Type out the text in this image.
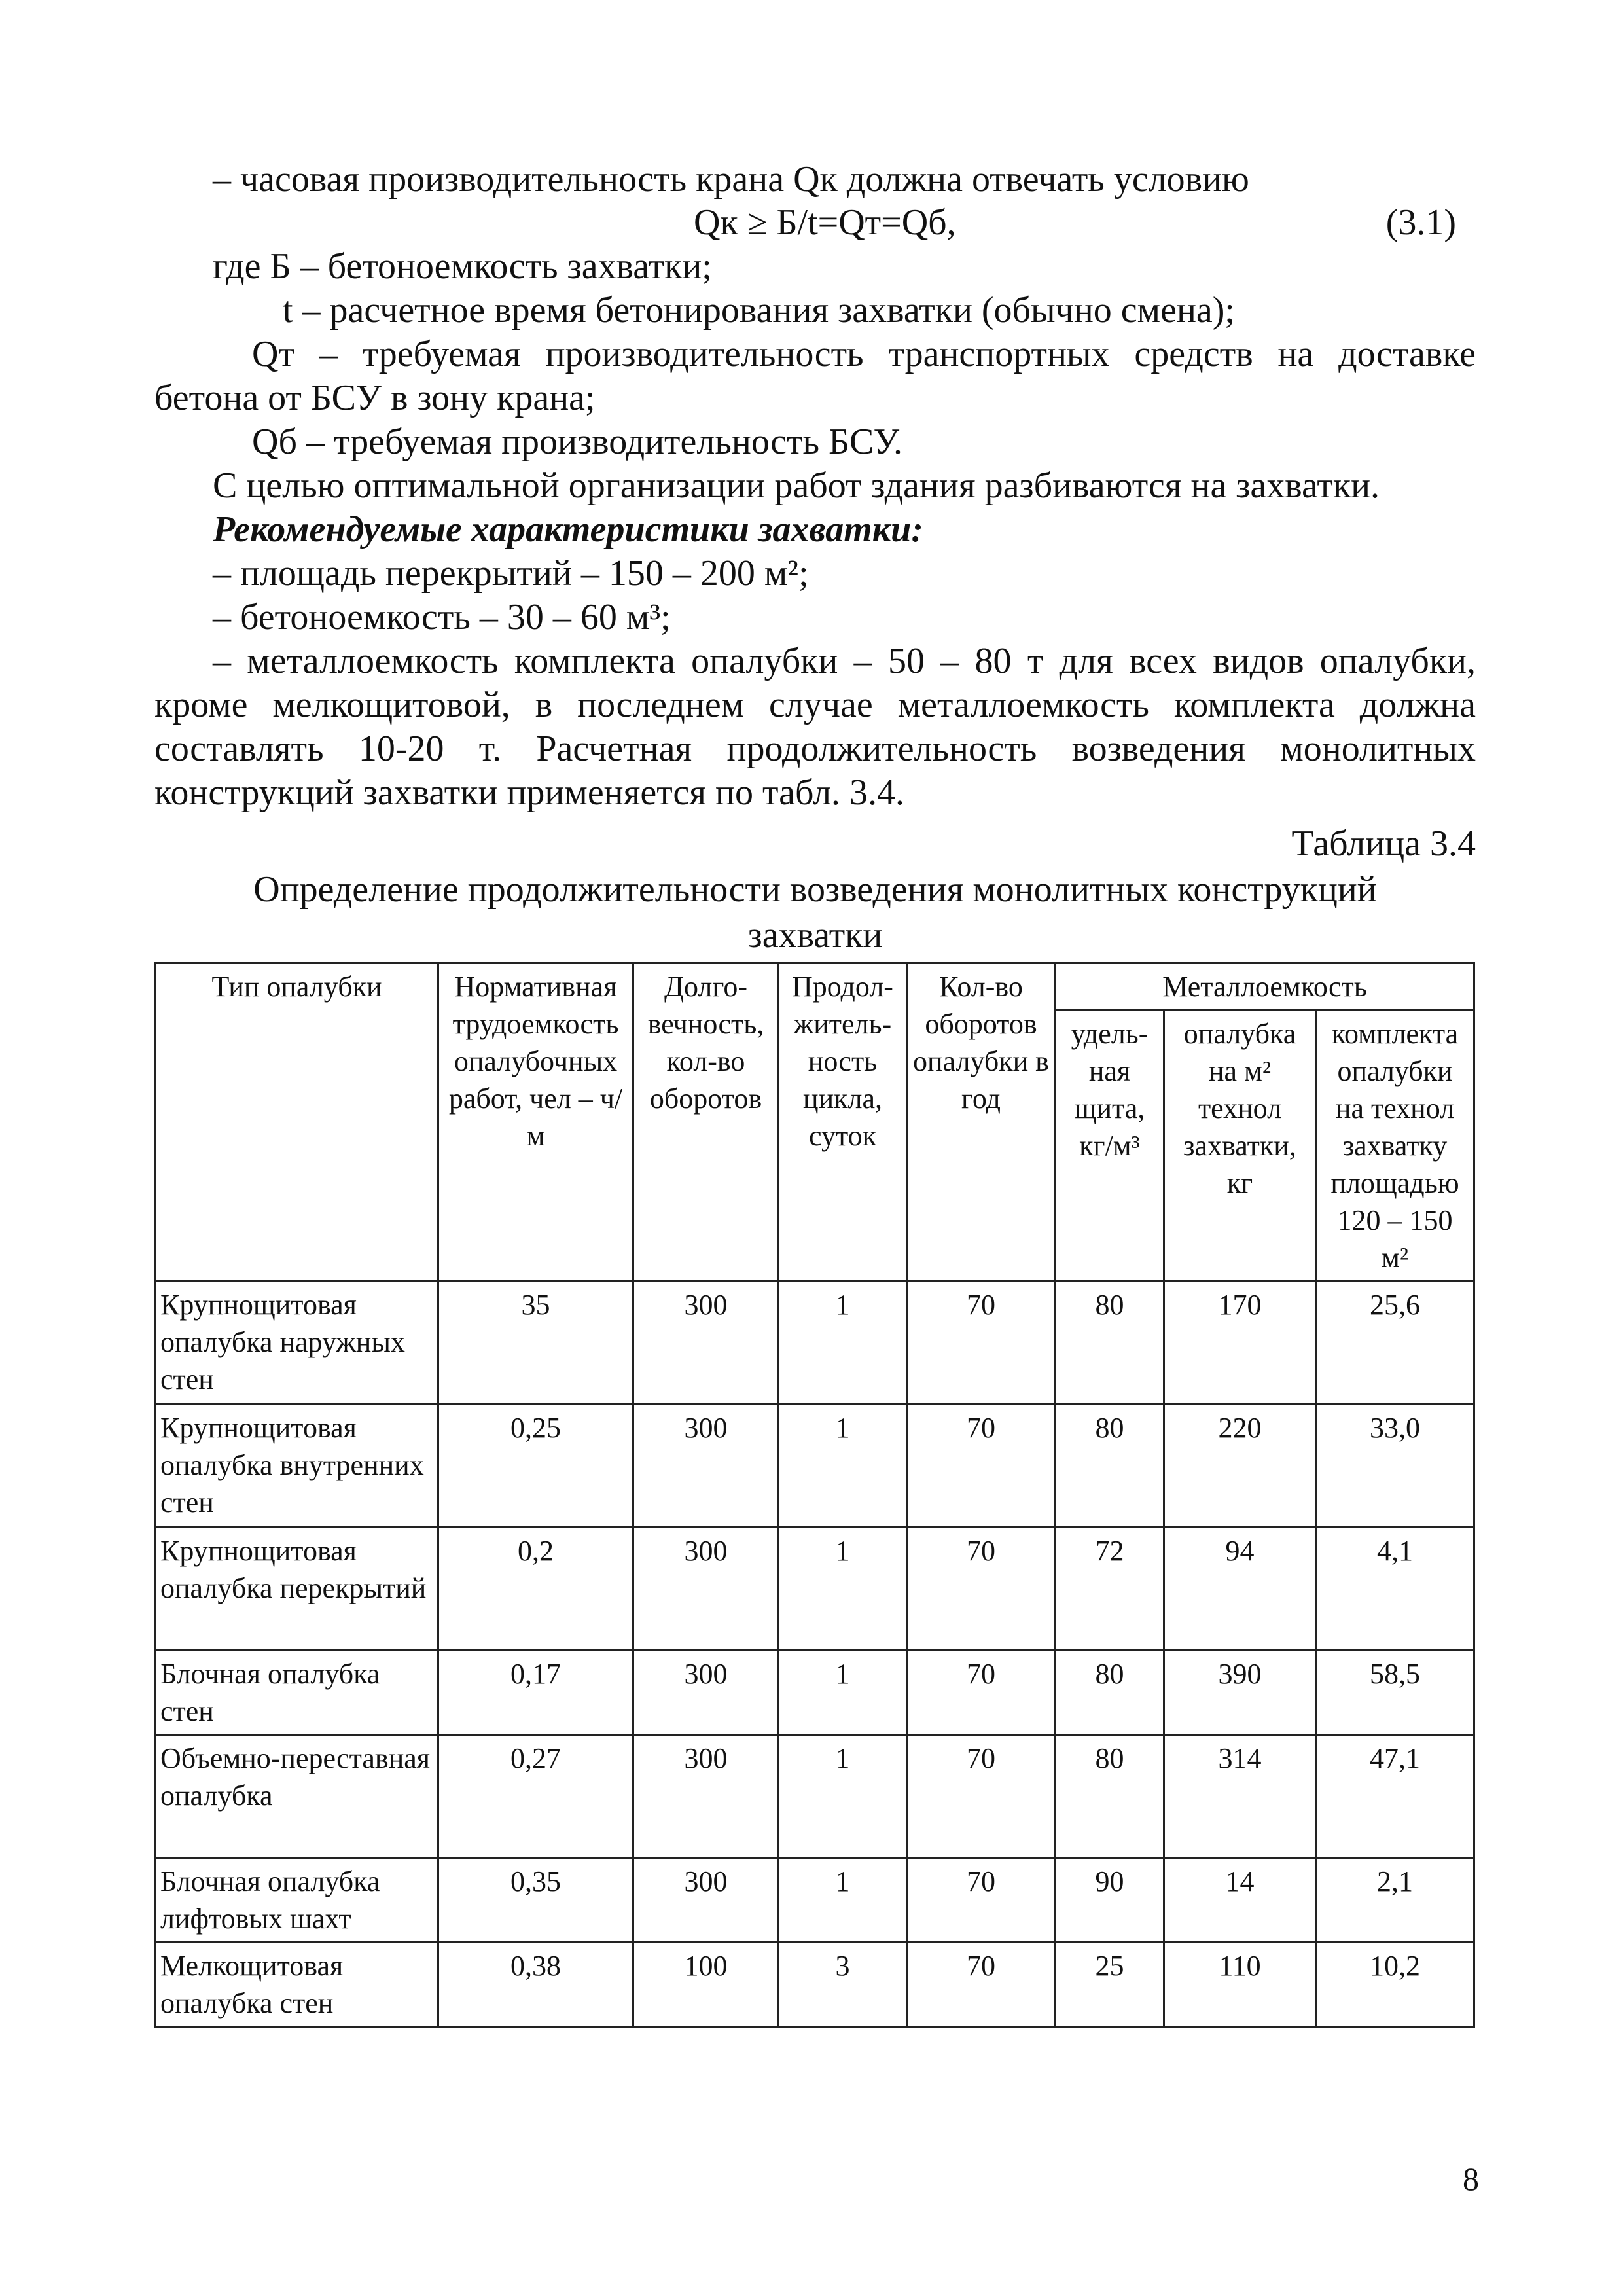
– часовая производительность крана Qк должна отвечать условию
Qк ≥ Б/t=Qт=Qб,	(3.1)
где Б – бетоноемкость захватки;
t – расчетное время бетонирования захватки (обычно смена);
Qт – требуемая производительность транспортных средств на доставке
бетона от БСУ в зону крана;
Qб – требуемая производительность БСУ.
С целью оптимальной организации работ здания разбиваются на захватки.
Рекомендуемые характеристики захватки:
– площадь перекрытий – 150 – 200 м²;
– бетоноемкость – 30 – 60 м³;
– металлоемкость комплекта опалубки – 50 – 80 т для всех видов опалубки,
кроме мелкощитовой, в последнем случае металлоемкость комплекта должна
составлять 10-20 т. Расчетная продолжительность возведения монолитных
конструкций захватки применяется по табл. 3.4.
Таблица 3.4
Определение продолжительности возведения монолитных конструкций
захватки
Тип опалубки	Нормативная трудоемкость опалубочных работ, чел – ч/м	Долго-вечность, кол-во оборотов	Продол-житель-ность цикла, суток	Кол-во оборотов опалубки в год	Металлоемкость		
					удель-ная щита, кг/м³	опалубка на м² технол захватки, кг	комплекта опалубки на технол захватку площадью 120 – 150 м²
Крупнощитовая опалубка наружных стен	35	300	1	70	80	170	25,6
Крупнощитовая опалубка внутренних стен	0,25	300	1	70	80	220	33,0
Крупнощитовая опалубка перекрытий	0,2	300	1	70	72	94	4,1
Блочная опалубка стен	0,17	300	1	70	80	390	58,5
Объемно-переставная опалубка	0,27	300	1	70	80	314	47,1
Блочная опалубка лифтовых шахт	0,35	300	1	70	90	14	2,1
Мелкощитовая опалубка стен	0,38	100	3	70	25	110	10,2
8
